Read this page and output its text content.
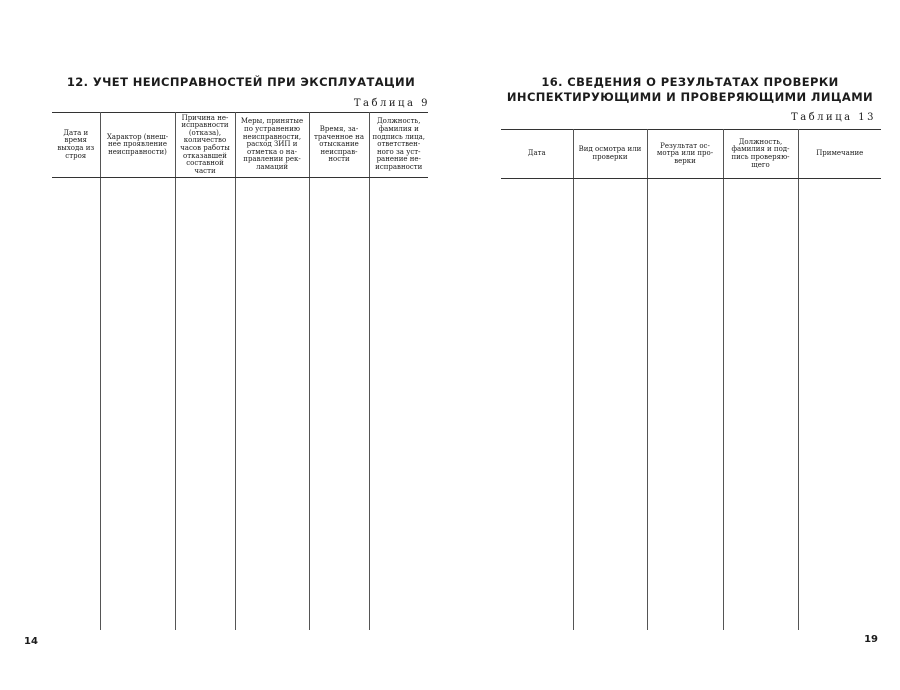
12. УЧЕТ НЕИСПРАВНОСТЕЙ ПРИ ЭКСПЛУАТАЦИИ
Таблица 9
Дата и время выхода из строя	Характор (внеш-нее проявление неисправности)	Причина не-исправности (отказа), количество часов работы отказавшей составной части	Меры, принятые по устранению неисправности, расход ЗИП и отметка о на-правлении рек-ламаций	Время, за-траченное на отыскание неисправ-ности	Должность, фамилия и подпись лица, ответствен-ного за уст-ранение не-исправности

14
16. СВЕДЕНИЯ О РЕЗУЛЬТАТАХ ПРОВЕРКИ
ИНСПЕКТИРУЮЩИМИ И ПРОВЕРЯЮЩИМИ ЛИЦАМИ
Таблица 13
Дата	Вид осмотра или проверки	Результат ос-мотра или про-верки	Должность, фамилия и под-пись проверяю-щего	Примечание

19
